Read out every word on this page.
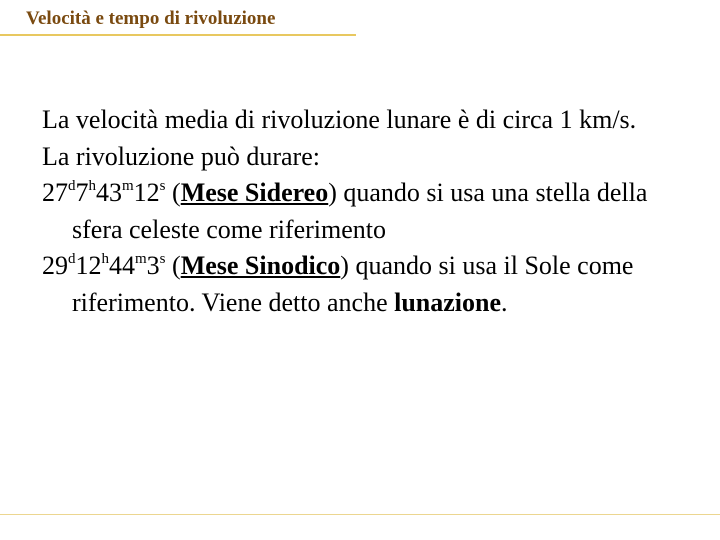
Velocità e tempo di rivoluzione

La velocità media di rivoluzione lunare è di circa 1 km/s.

La rivoluzione può durare:

27$^d$7$^h$43$^m$12$^s$ (Mese Sidereo) quando si usa una stella della sfera celeste come riferimento

29$^d$12$^h$44$^m$3$^s$ (Mese Sinodico) quando si usa il Sole come riferimento. Viene detto anche lunazione.
